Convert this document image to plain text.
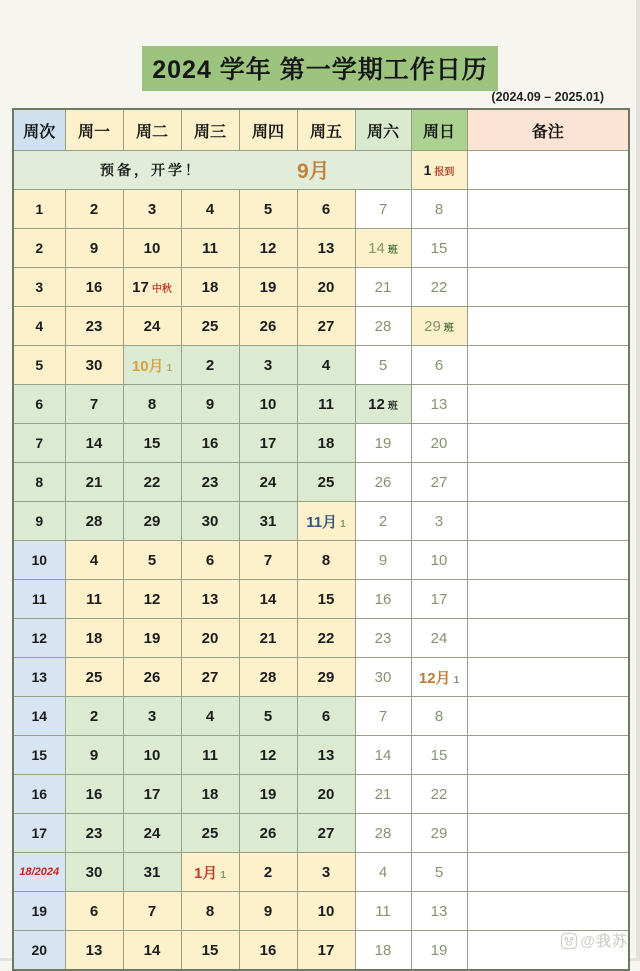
2024 学年 第一学期工作日历
(2024.09 – 2025.01)
周次	周一	周二	周三	周四	周五	周六	周日	备注

预备，开学！ 9月							1 报到	
1	2	3	4	5	6	7	8	
2	9	10	11	12	13	14 班	15	
3	16	17 中秋	18	19	20	21	22	
4	23	24	25	26	27	28	29 班	
5	30	10月 1	2	3	4	5	6	
6	7	8	9	10	11	12 班	13	
7	14	15	16	17	18	19	20	
8	21	22	23	24	25	26	27	
9	28	29	30	31	11月 1	2	3	
10	4	5	6	7	8	9	10	
11	11	12	13	14	15	16	17	
12	18	19	20	21	22	23	24	
13	25	26	27	28	29	30	12月 1	
14	2	3	4	5	6	7	8	
15	9	10	11	12	13	14	15	
16	16	17	18	19	20	21	22	
17	23	24	25	26	27	28	29	
18/2024	30	31	1月 1	2	3	4	5	
19	6	7	8	9	10	11	13	
20	13	14	15	16	17	18	19		@我苏
